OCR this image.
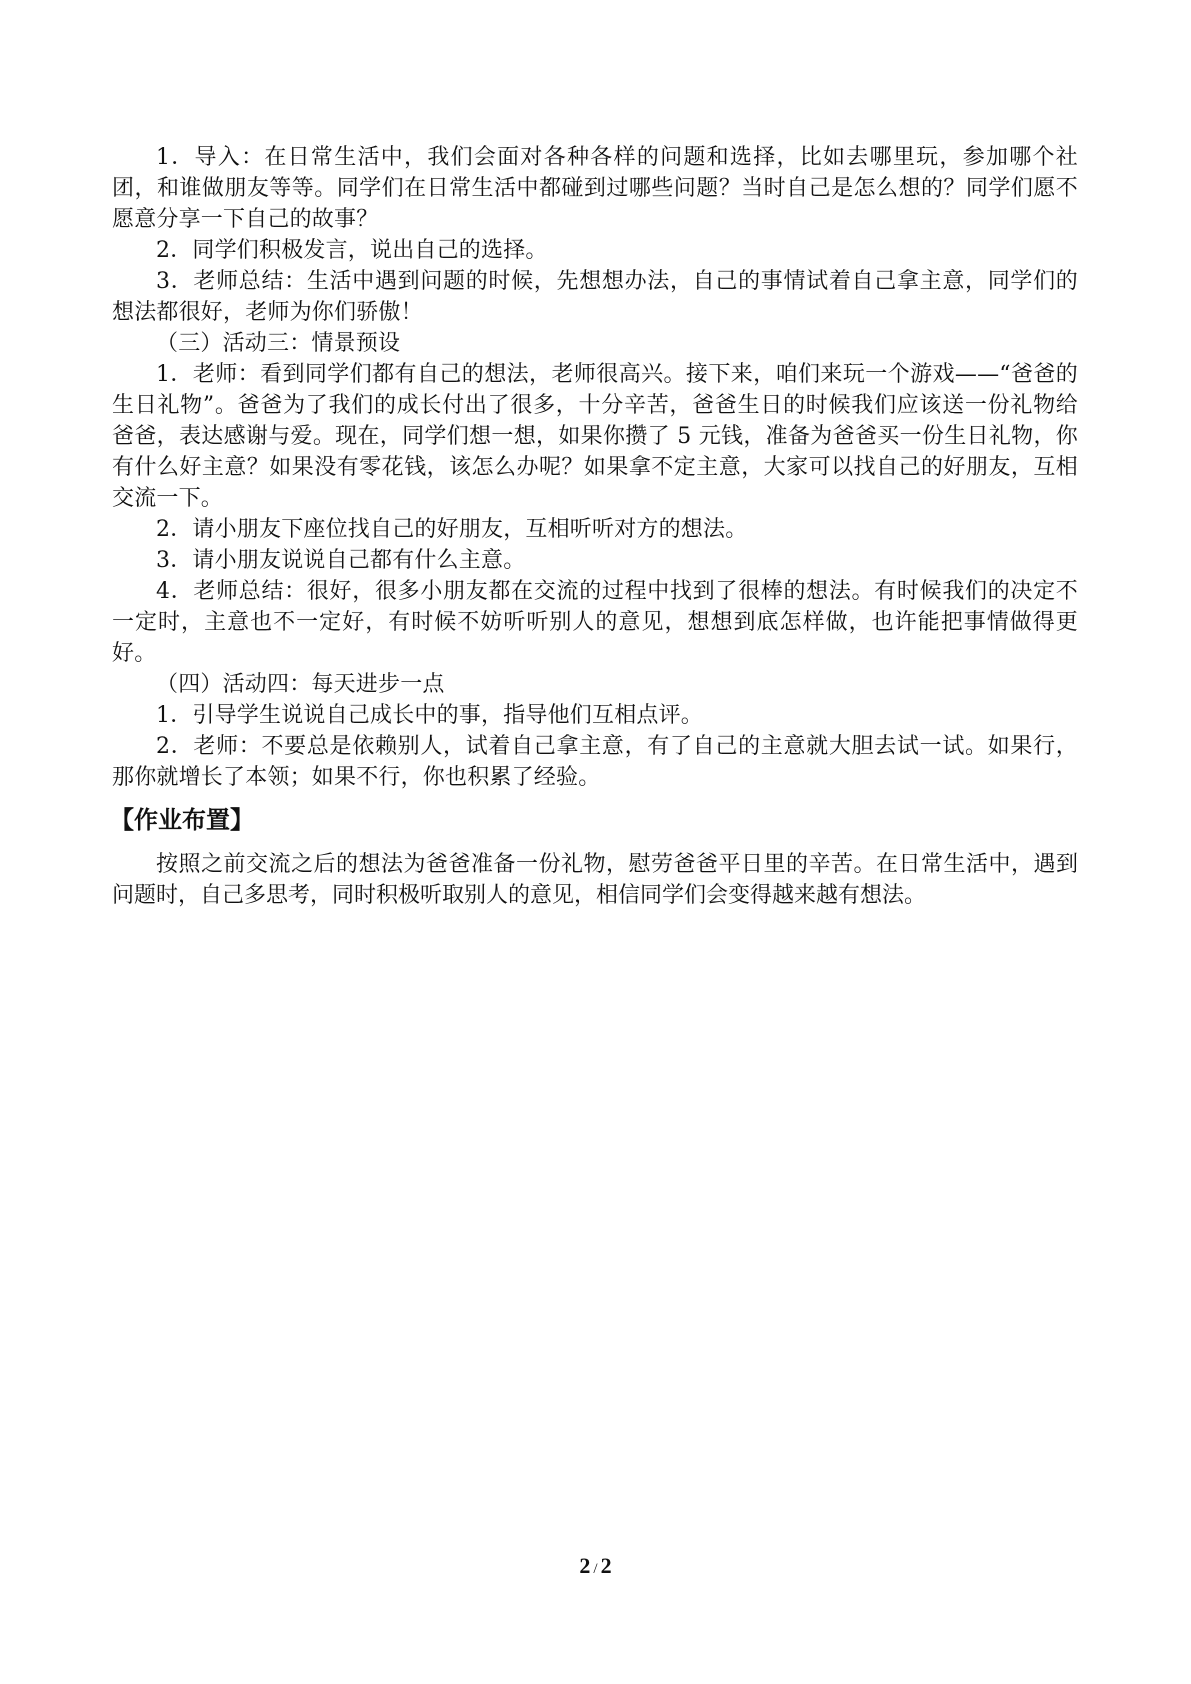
1．导入：在日常生活中，我们会面对各种各样的问题和选择，比如去哪里玩，参加哪个社团，和谁做朋友等等。同学们在日常生活中都碰到过哪些问题？当时自己是怎么想的？同学们愿不愿意分享一下自己的故事？

2．同学们积极发言，说出自己的选择。

3．老师总结：生活中遇到问题的时候，先想想办法，自己的事情试着自己拿主意，同学们的想法都很好，老师为你们骄傲！

（三）活动三：情景预设

1．老师：看到同学们都有自己的想法，老师很高兴。接下来，咱们来玩一个游戏——“爸爸的生日礼物”。爸爸为了我们的成长付出了很多，十分辛苦，爸爸生日的时候我们应该送一份礼物给爸爸，表达感谢与爱。现在，同学们想一想，如果你攒了 5 元钱，准备为爸爸买一份生日礼物，你有什么好主意？如果没有零花钱，该怎么办呢？如果拿不定主意，大家可以找自己的好朋友，互相交流一下。

2．请小朋友下座位找自己的好朋友，互相听听对方的想法。

3．请小朋友说说自己都有什么主意。

4．老师总结：很好，很多小朋友都在交流的过程中找到了很棒的想法。有时候我们的决定不一定时，主意也不一定好，有时候不妨听听别人的意见，想想到底怎样做，也许能把事情做得更好。

（四）活动四：每天进步一点

1．引导学生说说自己成长中的事，指导他们互相点评。

2．老师：不要总是依赖别人，试着自己拿主意，有了自己的主意就大胆去试一试。如果行，那你就增长了本领；如果不行，你也积累了经验。

【作业布置】

按照之前交流之后的想法为爸爸准备一份礼物，慰劳爸爸平日里的辛苦。在日常生活中，遇到问题时，自己多思考，同时积极听取别人的意见，相信同学们会变得越来越有想法。

2 / 2
